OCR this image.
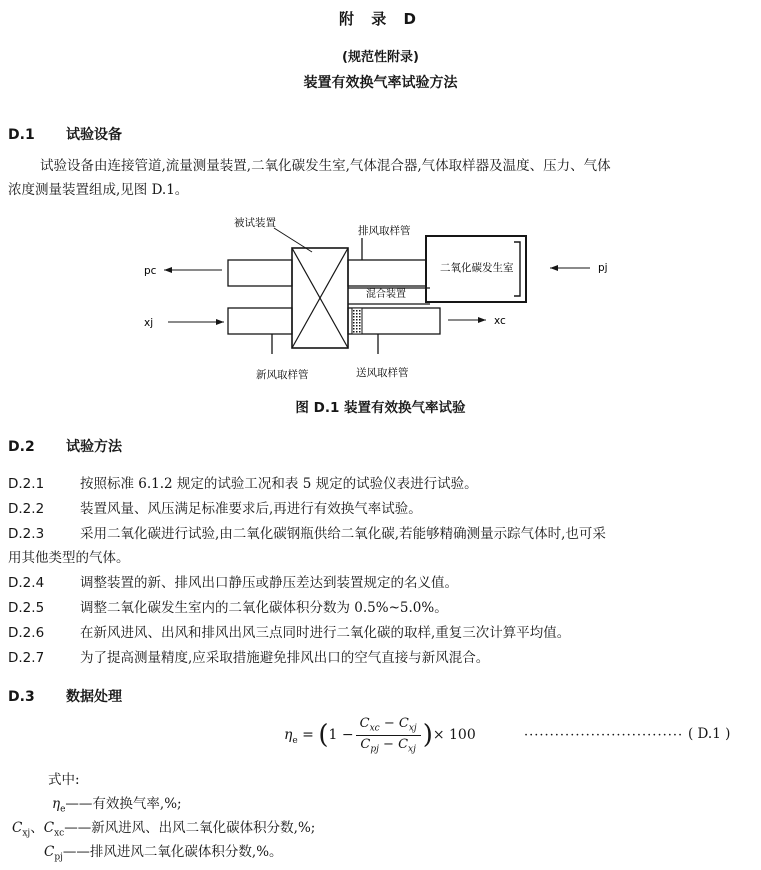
附 录 D
(规范性附录)
装置有效换气率试验方法
D.1 试验设备
试验设备由连接管道,流量测量装置,二氧化碳发生室,气体混合器,气体取样器及温度、压力、气体
浓度测量装置组成,见图 D.1。
被试装置
排风取样管
二氧化碳发生室
混合装置
新风取样管	送风取样管
pc
xj
pj
xc
图 D.1 装置有效换气率试验
D.2 试验方法
D.2.1	按照标准 6.1.2 规定的试验工况和表 5 规定的试验仪表进行试验。
D.2.2	装置风量、风压满足标准要求后,再进行有效换气率试验。
D.2.3	采用二氧化碳进行试验,由二氧化碳钢瓶供给二氧化碳,若能够精确测量示踪气体时,也可采
用其他类型的气体。
D.2.4	调整装置的新、排风出口静压或静压差达到装置规定的名义值。
D.2.5	调整二氧化碳发生室内的二氧化碳体积分数为 0.5%~5.0%。
D.2.6	在新风进风、出风和排风出风三点同时进行二氧化碳的取样,重复三次计算平均值。
D.2.7	为了提高测量精度,应采取措施避免排风出口的空气直接与新风混合。
D.3 数据处理
$\eta_e = (1 - \frac{C_{xc} - C_{xj}}{C_{pj} - C_{xj}}$ )× 100	······························· ( D.1 )
式中:
$\eta_e——$有效换气率,%;
$C_{xj}$、$C_{xc}——$新风进风、出风二氧化碳体积分数,%;
$C_{pj}——$排风进风二氧化碳体积分数,%。
